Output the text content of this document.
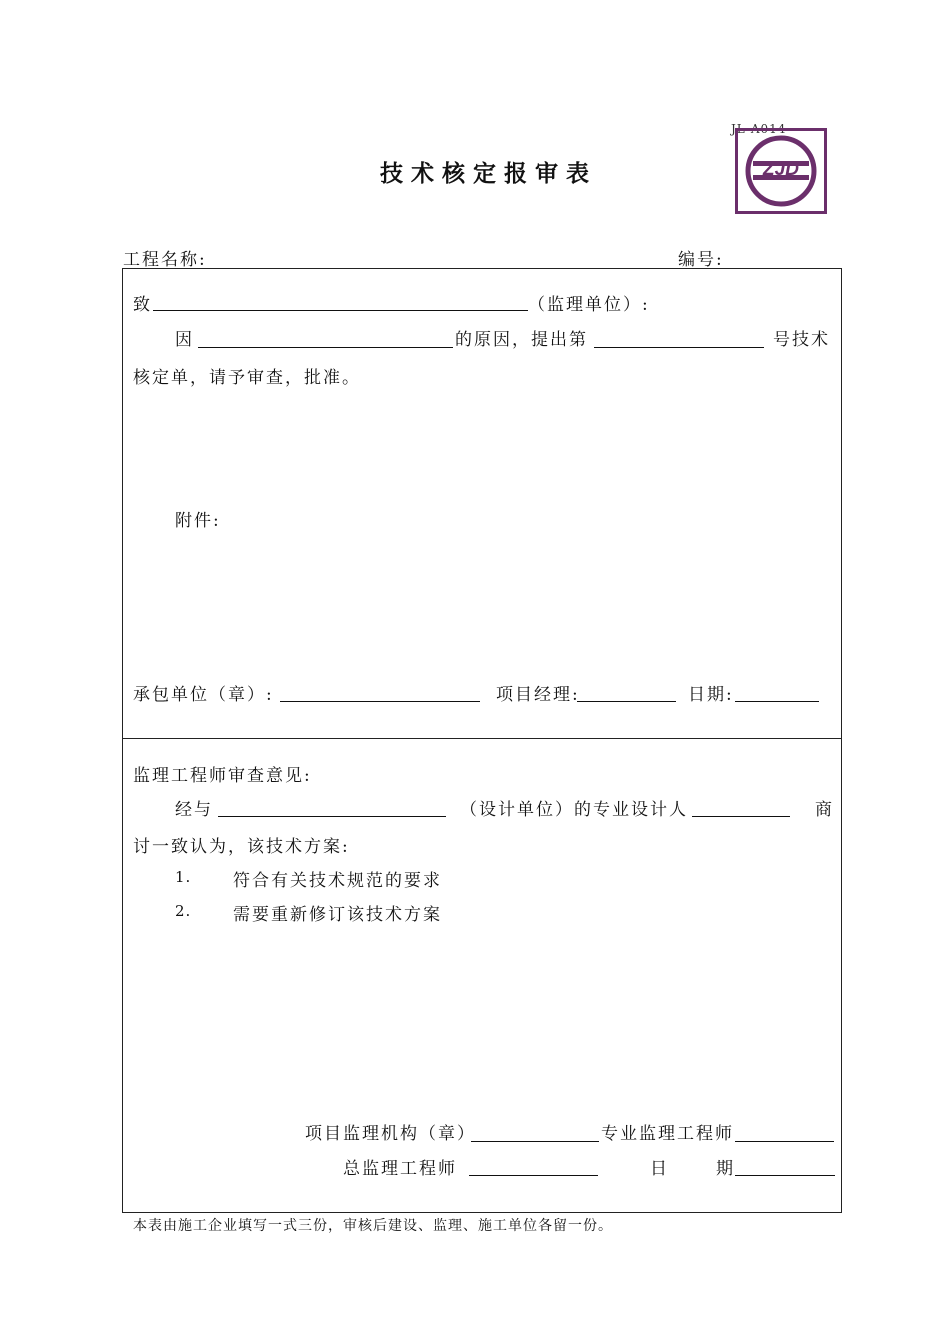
JL-A014
ZJD
技术核定报审表
工程名称:	编号:
致	（监理单位）:
因	的原因，提出第	号技术
核定单，请予审查，批准。
附件:
承包单位（章）:	项目经理:	日期:
监理工程师审查意见:
经与	（设计单位）的专业设计人	商
讨一致认为，该技术方案:
1. 符合有关技术规范的要求
2. 需要重新修订该技术方案
项目监理机构（章）	专业监理工程师
总监理工程师	日	期
本表由施工企业填写一式三份，审核后建设、监理、施工单位各留一份。
